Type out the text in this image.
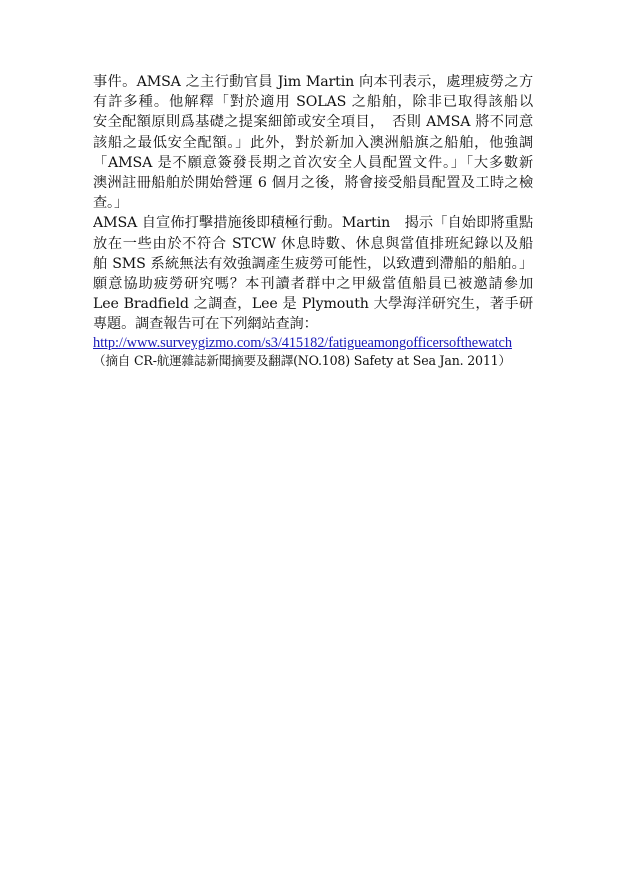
事件。AMSA 之主行動官員 Jim Martin 向本刊表示，處理疲勞之方
有許多種。他解釋「對於適用 SOLAS 之船舶，除非已取得該船以
安全配額原則爲基礎之提案細節或安全項目，　否則 AMSA 將不同意
該船之最低安全配額。」此外，對於新加入澳洲船旗之船舶，他強調
「AMSA 是不願意簽發長期之首次安全人員配置文件。」「大多數新
澳洲註冊船舶於開始營運 6 個月之後，將會接受船員配置及工時之檢
查。」
AMSA 自宣佈打擊措施後即積極行動。Martin　揭示「自始即將重點
放在一些由於不符合 STCW 休息時數、休息與當值排班紀錄以及船
舶 SMS 系統無法有效強調產生疲勞可能性，以致遭到滯船的船舶。」
願意協助疲勞研究嗎？本刊讀者群中之甲級當值船員已被邀請參加
Lee Bradfield 之調查，Lee 是 Plymouth 大學海洋研究生，著手研
專題。調查報告可在下列網站查詢：
http://www.surveygizmo.com/s3/415182/fatigueamongofficersofthewatch
（摘自 CR-航運雜誌新聞摘要及翻譯(NO.108) Safety at Sea Jan. 2011）
